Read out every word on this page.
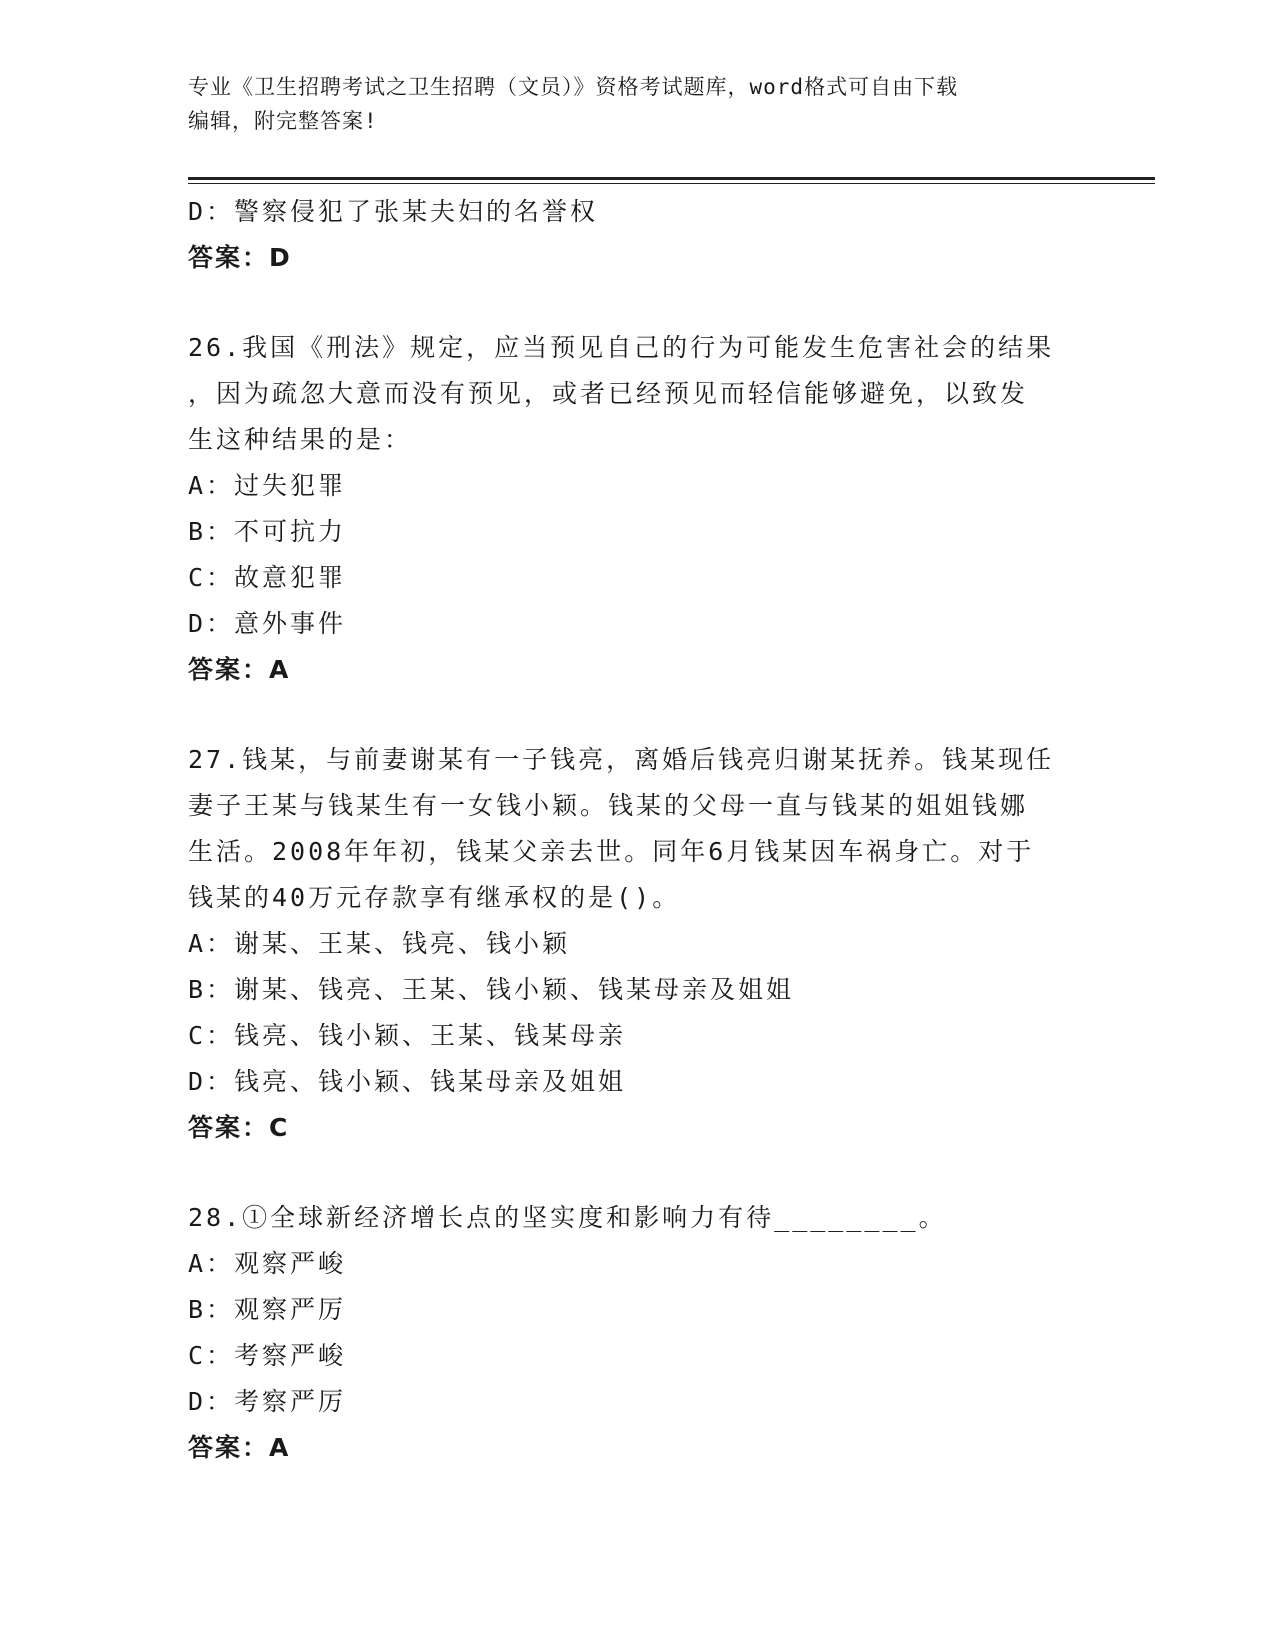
专业《卫生招聘考试之卫生招聘（文员）》资格考试题库，word格式可自由下载
编辑，附完整答案!
D：警察侵犯了张某夫妇的名誉权
答案：D
26.我国《刑法》规定，应当预见自己的行为可能发生危害社会的结果
，因为疏忽大意而没有预见，或者已经预见而轻信能够避免，以致发
生这种结果的是：
A：过失犯罪
B：不可抗力
C：故意犯罪
D：意外事件
答案：A
27.钱某，与前妻谢某有一子钱亮，离婚后钱亮归谢某抚养。钱某现任
妻子王某与钱某生有一女钱小颖。钱某的父母一直与钱某的姐姐钱娜
生活。2008年年初，钱某父亲去世。同年6月钱某因车祸身亡。对于
钱某的40万元存款享有继承权的是()。
A：谢某、王某、钱亮、钱小颖
B：谢某、钱亮、王某、钱小颖、钱某母亲及姐姐
C：钱亮、钱小颖、王某、钱某母亲
D：钱亮、钱小颖、钱某母亲及姐姐
答案：C
28.①全球新经济增长点的坚实度和影响力有待________。
A：观察严峻
B：观察严厉
C：考察严峻
D：考察严厉
答案：A
